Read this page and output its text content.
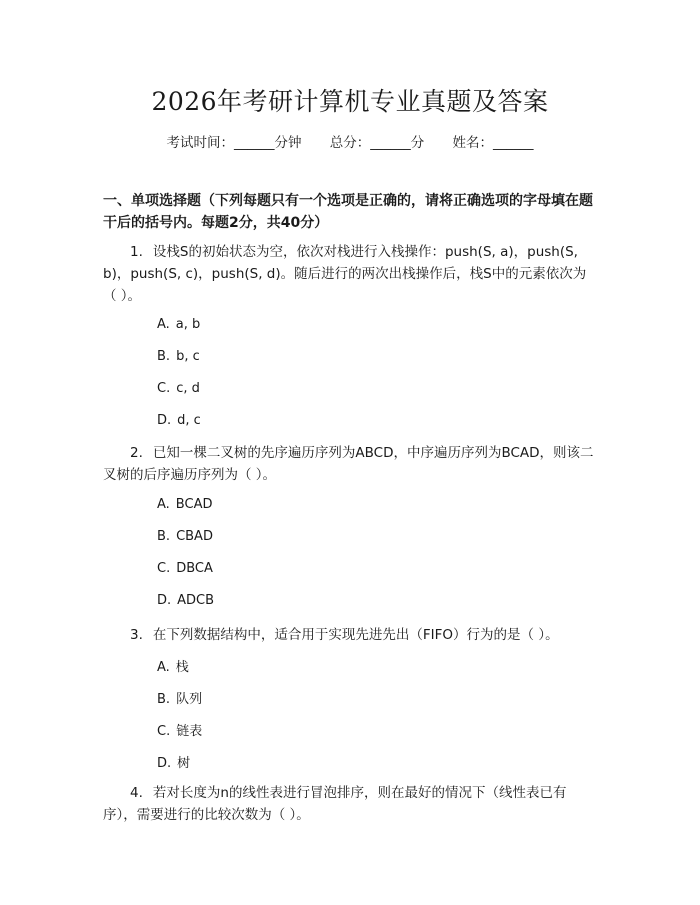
2026年考研计算机专业真题及答案
考试时间：______分钟 总分：______分 姓名：______
一、单项选择题（下列每题只有一个选项是正确的，请将正确选项的字母填在题干后的括号内。每题2分，共40分）
1. 设栈S的初始状态为空，依次对栈进行入栈操作：push(S, a)，push(S, b)，push(S, c)，push(S, d)。随后进行的两次出栈操作后，栈S中的元素依次为（ ）。
A. a, b
B. b, c
C. c, d
D. d, c
2. 已知一棵二叉树的先序遍历序列为ABCD，中序遍历序列为BCAD，则该二叉树的后序遍历序列为（ ）。
A. BCAD
B. CBAD
C. DBCA
D. ADCB
3. 在下列数据结构中，适合用于实现先进先出（FIFO）行为的是（ ）。
A. 栈
B. 队列
C. 链表
D. 树
4. 若对长度为n的线性表进行冒泡排序，则在最好的情况下（线性表已有序），需要进行的比较次数为（ ）。
